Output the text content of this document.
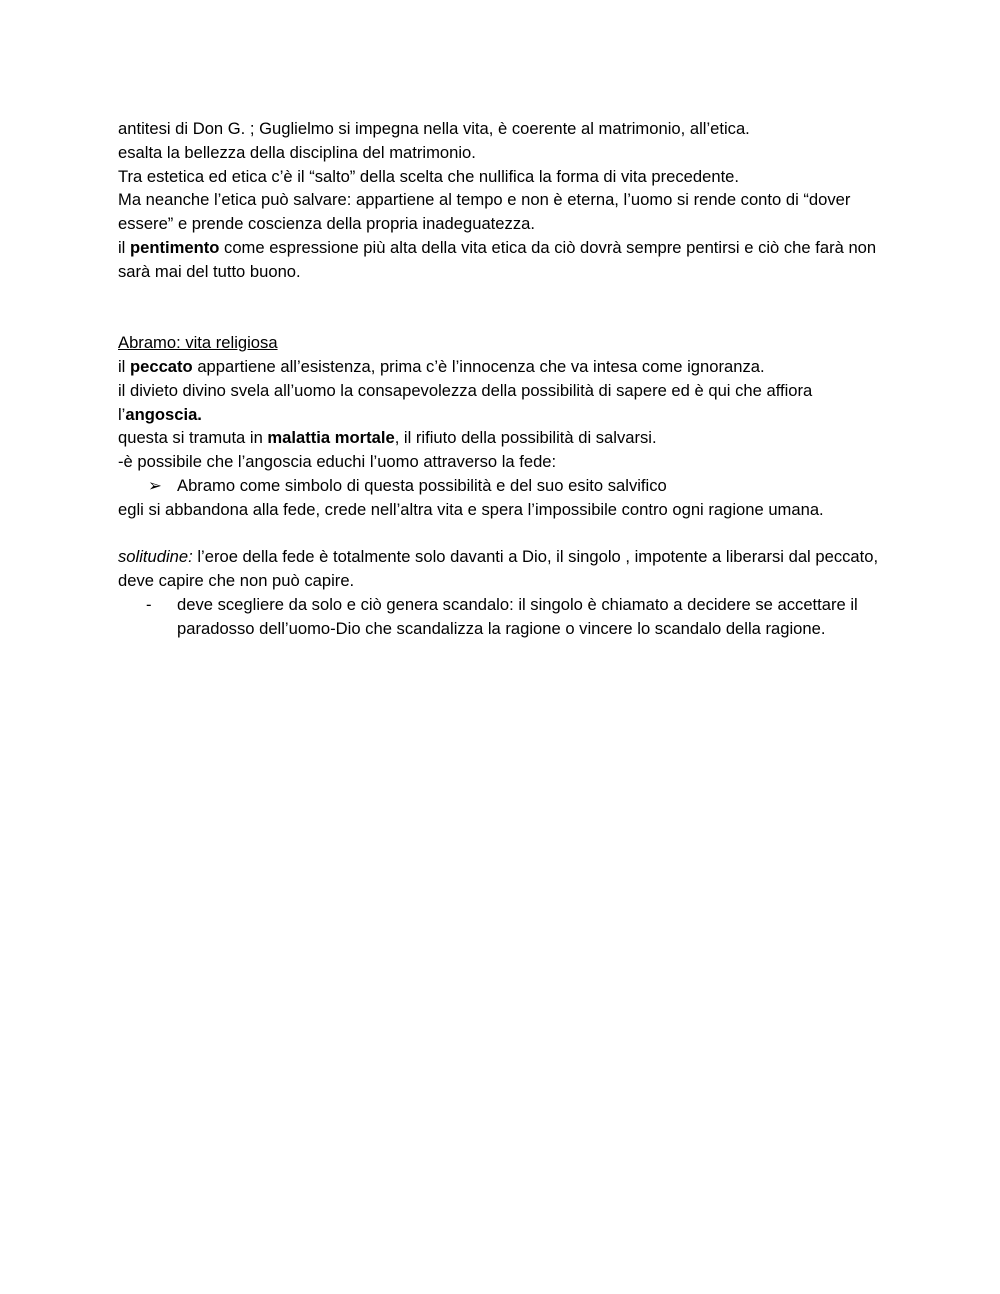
antitesi di Don G. ; Guglielmo si impegna nella vita, è coerente al matrimonio, all’etica.

esalta la bellezza della disciplina del matrimonio.

Tra estetica ed etica c’è il “salto” della scelta che nullifica la forma di vita precedente.

Ma neanche l’etica può salvare: appartiene al tempo e non è eterna, l’uomo si rende conto di “dover essere” e prende coscienza della propria inadeguatezza.

il pentimento come espressione più alta della vita etica da ciò dovrà sempre pentirsi e ciò che farà non sarà mai del tutto buono.

Abramo: vita religiosa

il peccato appartiene all’esistenza, prima c’è l’innocenza che va intesa come ignoranza.

il divieto divino svela all’uomo la consapevolezza della possibilità di sapere ed è qui che affiora l’angoscia.

questa si tramuta in malattia mortale, il rifiuto della possibilità di salvarsi.

-è possibile che l’angoscia educhi l’uomo attraverso la fede:

➢ Abramo come simbolo di questa possibilità e del suo esito salvifico

egli si abbandona alla fede, crede nell’altra vita e spera l’impossibile contro ogni ragione umana.

solitudine: l’eroe della fede è totalmente solo davanti a Dio, il singolo , impotente a liberarsi dal peccato, deve capire che non può capire.

-	deve scegliere da solo e ciò genera scandalo: il singolo è chiamato a decidere se accettare il paradosso dell’uomo-Dio che scandalizza la ragione o vincere lo scandalo della ragione.
